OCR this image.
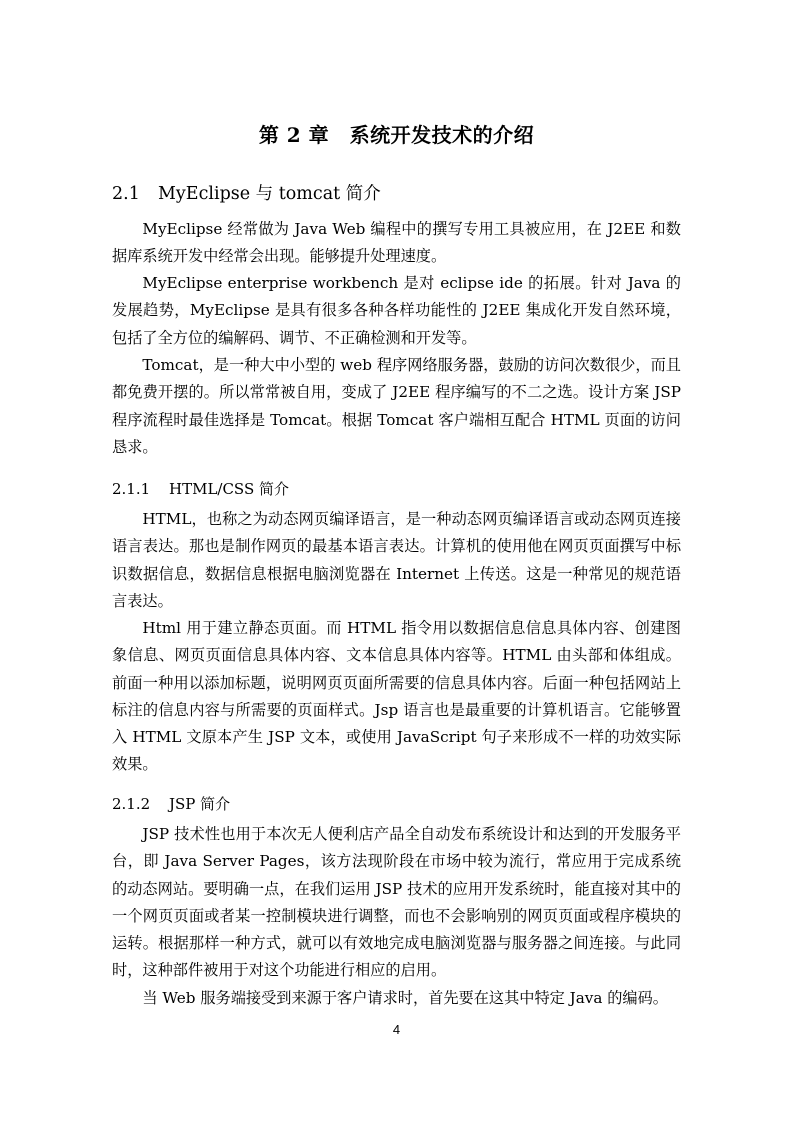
第 2 章　系统开发技术的介绍
2.1 MyEclipse 与 tomcat 简介
MyEclipse 经常做为 Java Web 编程中的撰写专用工具被应用，在 J2EE 和数据库系统开发中经常会出现。能够提升处理速度。
MyEclipse enterprise workbench 是对 eclipse ide 的拓展。针对 Java 的发展趋势，MyEclipse 是具有很多各种各样功能性的 J2EE 集成化开发自然环境，包括了全方位的编解码、调节、不正确检测和开发等。
Tomcat，是一种大中小型的 web 程序网络服务器，鼓励的访问次数很少，而且都免费开摆的。所以常常被自用，变成了 J2EE 程序编写的不二之选。设计方案 JSP 程序流程时最佳选择是 Tomcat。根据 Tomcat 客户端相互配合 HTML 页面的访问恳求。
2.1.1 HTML/CSS 简介
HTML，也称之为动态网页编译语言，是一种动态网页编译语言或动态网页连接语言表达。那也是制作网页的最基本语言表达。计算机的使用他在网页页面撰写中标识数据信息，数据信息根据电脑浏览器在 Internet 上传送。这是一种常见的规范语言表达。
Html 用于建立静态页面。而 HTML 指令用以数据信息信息具体内容、创建图象信息、网页页面信息具体内容、文本信息具体内容等。HTML 由头部和体组成。前面一种用以添加标题，说明网页页面所需要的信息具体内容。后面一种包括网站上标注的信息内容与所需要的页面样式。Jsp 语言也是最重要的计算机语言。它能够置入 HTML 文原本产生 JSP 文本，或使用 JavaScript 句子来形成不一样的功效实际效果。
2.1.2 JSP 简介
JSP 技术性也用于本次无人便利店产品全自动发布系统设计和达到的开发服务平台，即 Java Server Pages，该方法现阶段在市场中较为流行，常应用于完成系统的动态网站。要明确一点，在我们运用 JSP 技术的应用开发系统时，能直接对其中的一个网页页面或者某一控制模块进行调整，而也不会影响别的网页页面或程序模块的运转。根据那样一种方式，就可以有效地完成电脑浏览器与服务器之间连接。与此同时，这种部件被用于对这个功能进行相应的启用。
当 Web 服务端接受到来源于客户请求时，首先要在这其中特定 Java 的编码。
4
